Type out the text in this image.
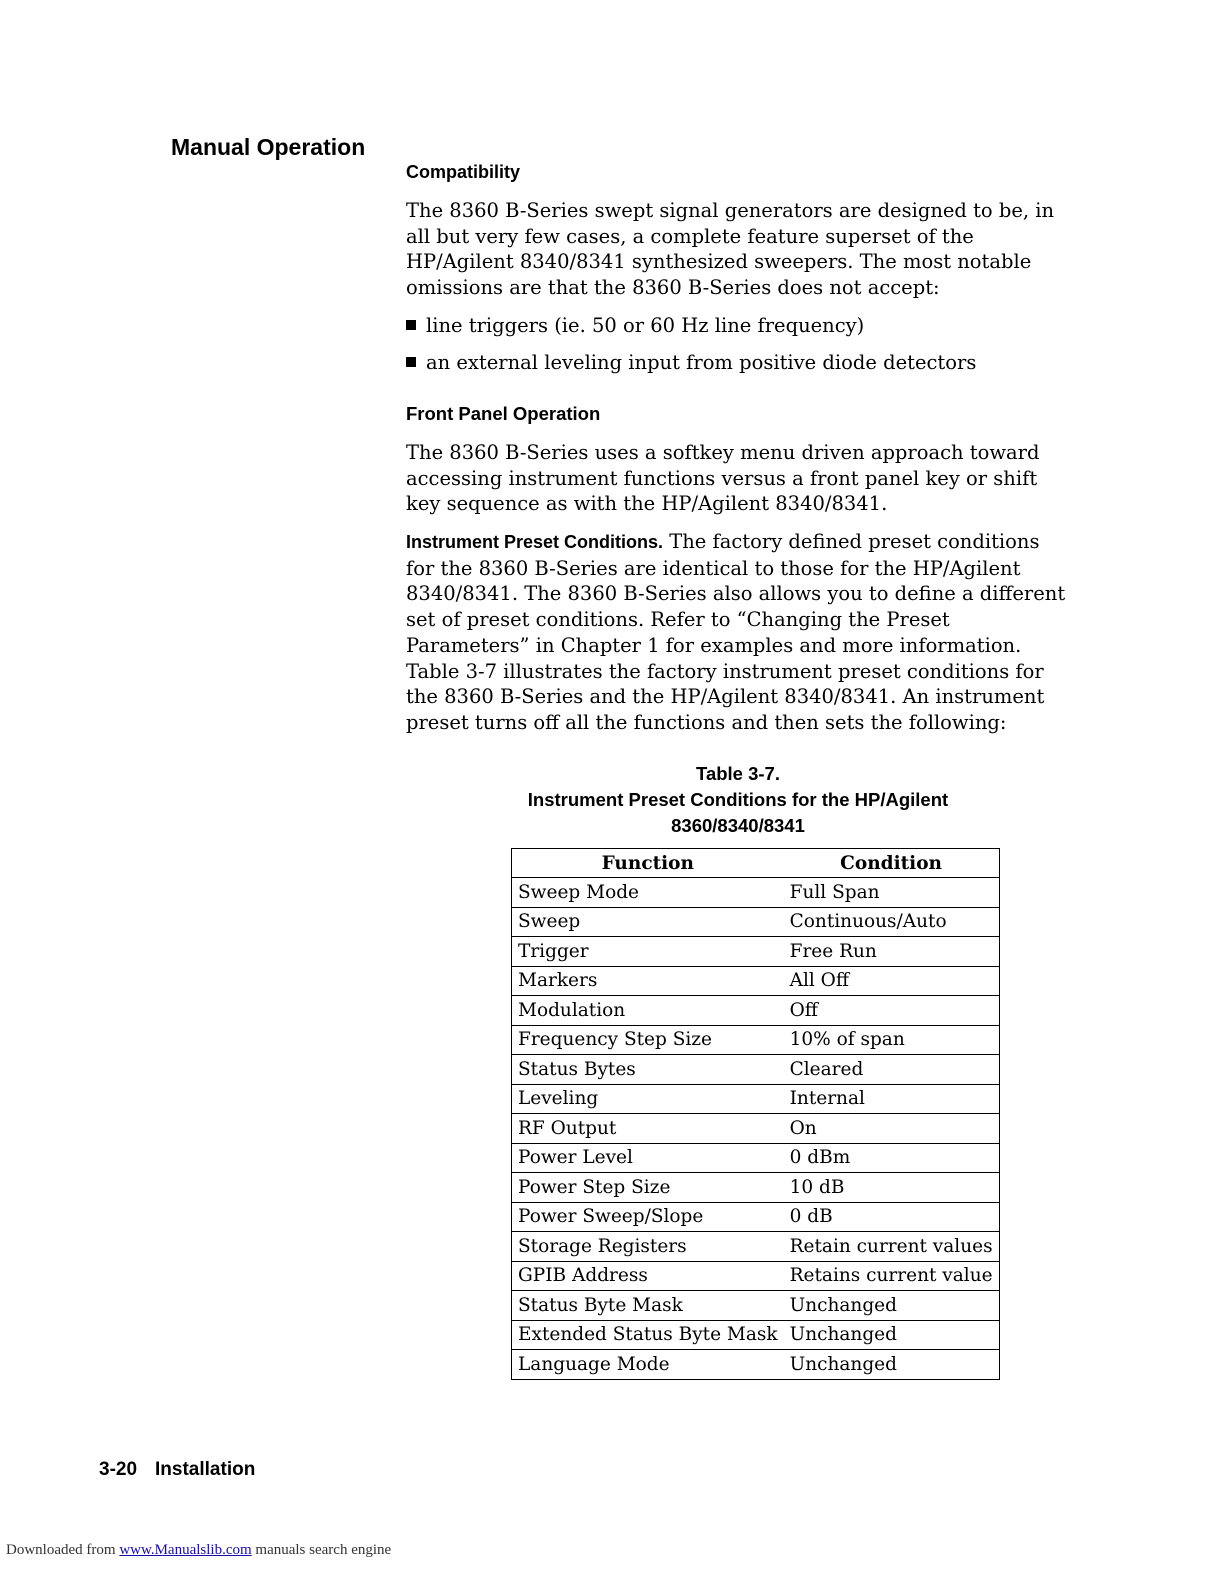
Manual Operation
Compatibility
The 8360 B-Series swept signal generators are designed to be, in all but very few cases, a complete feature superset of the HP/Agilent 8340/8341 synthesized sweepers. The most notable omissions are that the 8360 B-Series does not accept:
line triggers (ie. 50 or 60 Hz line frequency)
an external leveling input from positive diode detectors
Front Panel Operation
The 8360 B-Series uses a softkey menu driven approach toward accessing instrument functions versus a front panel key or shift key sequence as with the HP/Agilent 8340/8341.
Instrument Preset Conditions. The factory defined preset conditions for the 8360 B-Series are identical to those for the HP/Agilent 8340/8341. The 8360 B-Series also allows you to define a different set of preset conditions. Refer to “Changing the Preset Parameters” in Chapter 1 for examples and more information. Table 3-7 illustrates the factory instrument preset conditions for the 8360 B-Series and the HP/Agilent 8340/8341. An instrument preset turns off all the functions and then sets the following:
Table 3-7.
Instrument Preset Conditions for the HP/Agilent
8360/8340/8341
Function	Condition
Sweep Mode	Full Span
Sweep	Continuous/Auto
Trigger	Free Run
Markers	All Off
Modulation	Off
Frequency Step Size	10% of span
Status Bytes	Cleared
Leveling	Internal
RF Output	On
Power Level	0 dBm
Power Step Size	10 dB
Power Sweep/Slope	0 dB
Storage Registers	Retain current values
GPIB Address	Retains current value
Status Byte Mask	Unchanged
Extended Status Byte Mask	Unchanged
Language Mode	Unchanged
3-20 Installation
Downloaded from www.Manualslib.com manuals search engine
